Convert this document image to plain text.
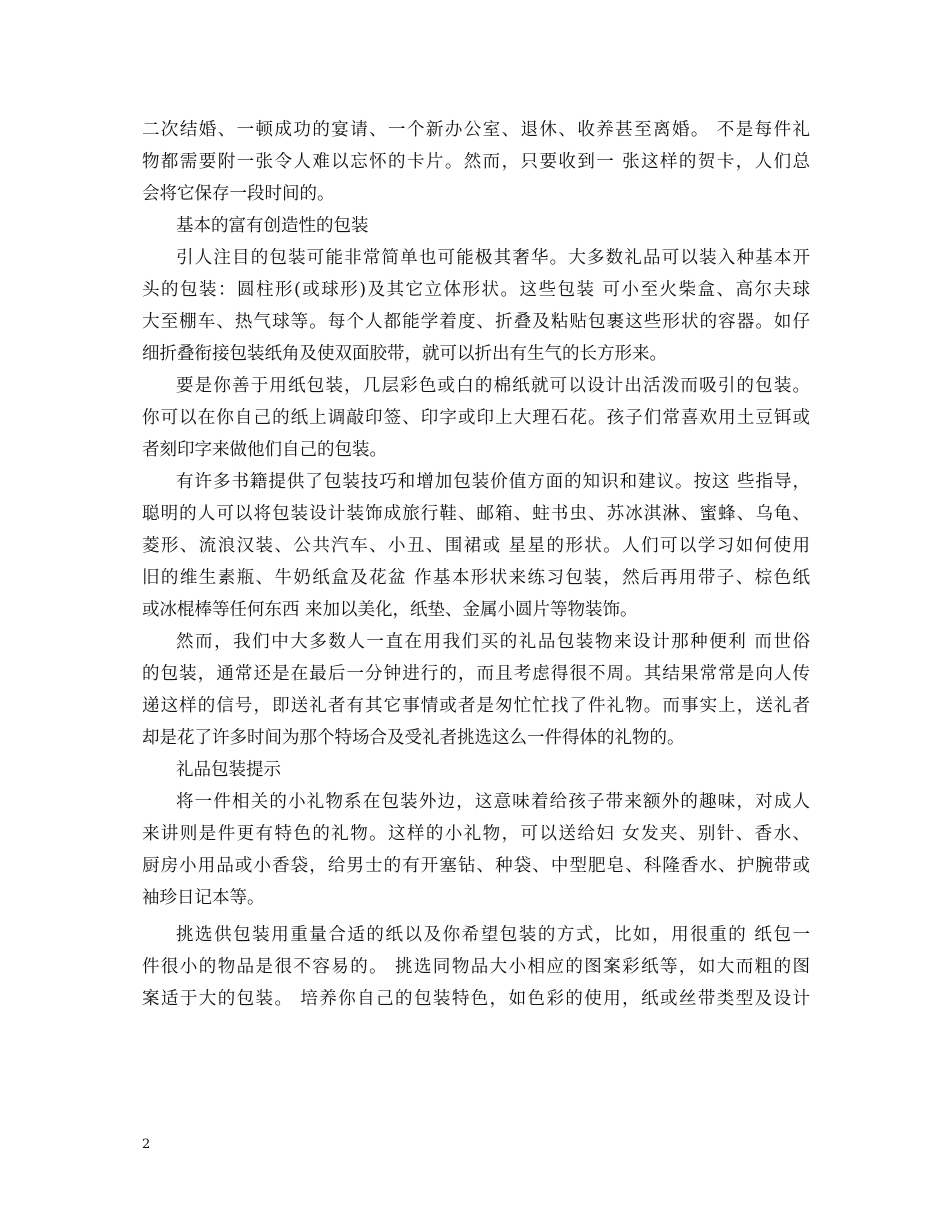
二次结婚、一顿成功的宴请、一个新办公室、退休、收养甚至离婚。 不是每件礼
物都需要附一张令人难以忘怀的卡片。然而，只要收到一 张这样的贺卡，人们总
会将它保存一段时间的。
基本的富有创造性的包装
引人注目的包装可能非常简单也可能极其奢华。大多数礼品可以装入种基本开
头的包装：圆柱形(或球形)及其它立体形状。这些包装 可小至火柴盒、高尔夫球
大至棚车、热气球等。每个人都能学着度、折叠及粘贴包裹这些形状的容器。如仔
细折叠衔接包装纸角及使双面胶带，就可以折出有生气的长方形来。
要是你善于用纸包装，几层彩色或白的棉纸就可以设计出活泼而吸引的包装。
你可以在你自己的纸上调敲印签、印字或印上大理石花。孩子们常喜欢用土豆铒或
者刻印字来做他们自己的包装。
有许多书籍提供了包装技巧和增加包装价值方面的知识和建议。按这 些指导，
聪明的人可以将包装设计装饰成旅行鞋、邮箱、蛀书虫、苏冰淇淋、蜜蜂、乌龟、
菱形、流浪汉装、公共汽车、小丑、围裙或 星星的形状。人们可以学习如何使用
旧的维生素瓶、牛奶纸盒及花盆 作基本形状来练习包装，然后再用带子、棕色纸
或冰棍棒等任何东西 来加以美化，纸垫、金属小圆片等物装饰。
然而，我们中大多数人一直在用我们买的礼品包装物来设计那种便利 而世俗
的包装，通常还是在最后一分钟进行的，而且考虑得很不周。其结果常常是向人传
递这样的信号，即送礼者有其它事情或者是匆忙忙找了件礼物。而事实上，送礼者
却是花了许多时间为那个特场合及受礼者挑选这么一件得体的礼物的。
礼品包装提示
将一件相关的小礼物系在包装外边，这意味着给孩子带来额外的趣味，对成人
来讲则是件更有特色的礼物。这样的小礼物，可以送给妇 女发夹、别针、香水、
厨房小用品或小香袋，给男士的有开塞钻、种袋、中型肥皂、科隆香水、护腕带或
袖珍日记本等。
挑选供包装用重量合适的纸以及你希望包装的方式，比如，用很重的 纸包一
件很小的物品是很不容易的。 挑选同物品大小相应的图案彩纸等，如大而粗的图
案适于大的包装。 培养你自己的包装特色，如色彩的使用，纸或丝带类型及设计
2
